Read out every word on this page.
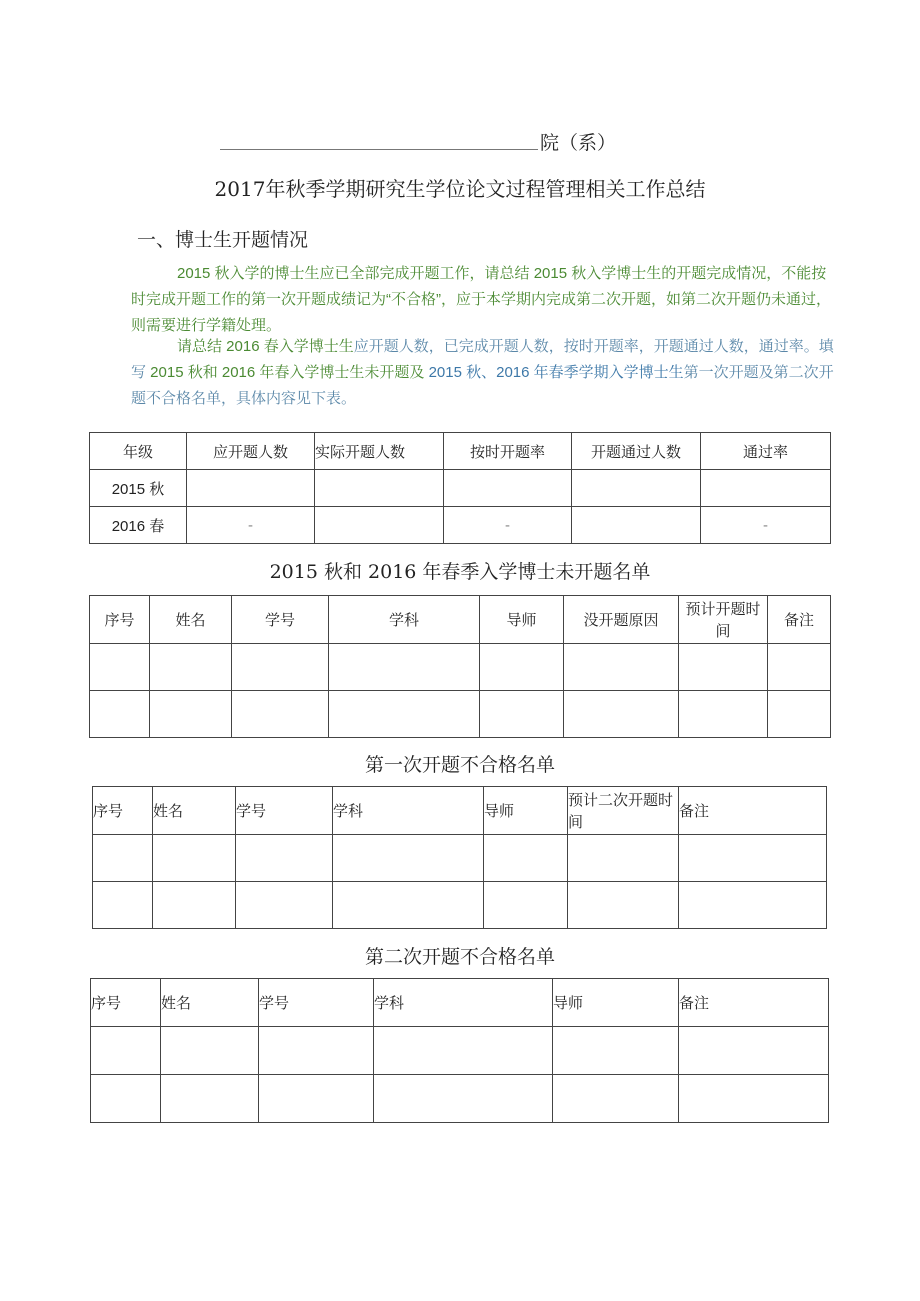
院（系）
2017年秋季学期研究生学位论文过程管理相关工作总结
一、博士生开题情况
2015 秋入学的博士生应已全部完成开题工作，请总结 2015 秋入学博士生的开题完成情况，不能按时完成开题工作的第一次开题成绩记为“不合格”，应于本学期内完成第二次开题，如第二次开题仍未通过，则需要进行学籍处理。
请总结 2016 春入学博士生应开题人数，已完成开题人数，按时开题率，开题通过人数，通过率。填写 2015 秋和 2016 年春入学博士生未开题及 2015 秋、2016 年春季学期入学博士生第一次开题及第二次开题不合格名单，具体内容见下表。
年级	应开题人数	实际开题人数	按时开题率	开题通过人数	通过率
2015 秋					
2016 春	-		-		-
2015 秋和 2016 年春季入学博士未开题名单
序号	姓名	学号	学科	导师	没开题原因	预计开题时间	备注

第一次开题不合格名单
序号	姓名	学号	学科	导师	预计二次开题时间	备注

第二次开题不合格名单
序号	姓名	学号	学科	导师	备注
